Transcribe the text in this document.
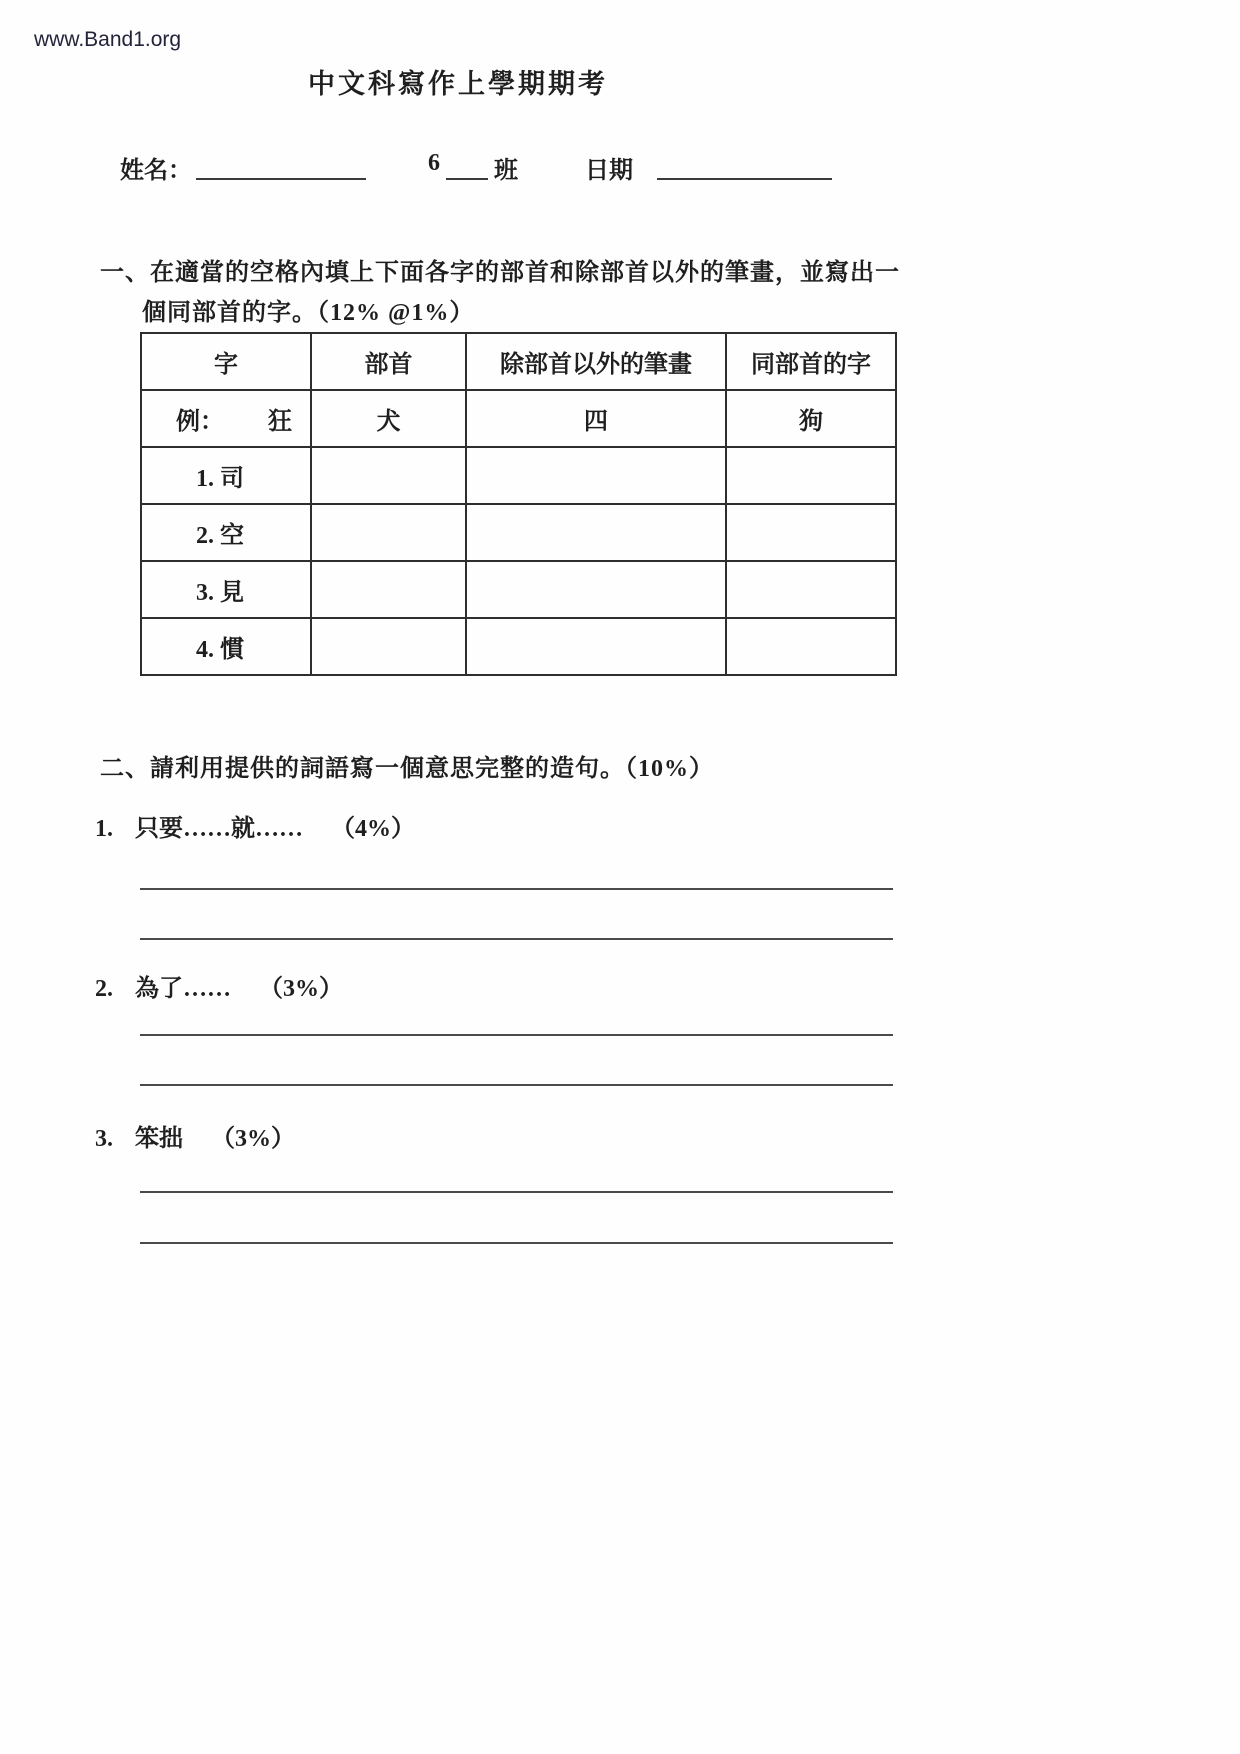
www.Band1.org
中文科寫作上學期期考
姓名：	6 班	日期
一、在適當的空格內填上下面各字的部首和除部首以外的筆畫，並寫出一
個同部首的字。（12% @1%）
字	部首	除部首以外的筆畫	同部首的字

例： 狂	犬	四	狗
1. 司			
2. 空			
3. 見			
4. 慣			
二、請利用提供的詞語寫一個意思完整的造句。（10%）
1. 只要……就…… （4%）
2. 為了…… （3%）
3. 笨拙 （3%）
